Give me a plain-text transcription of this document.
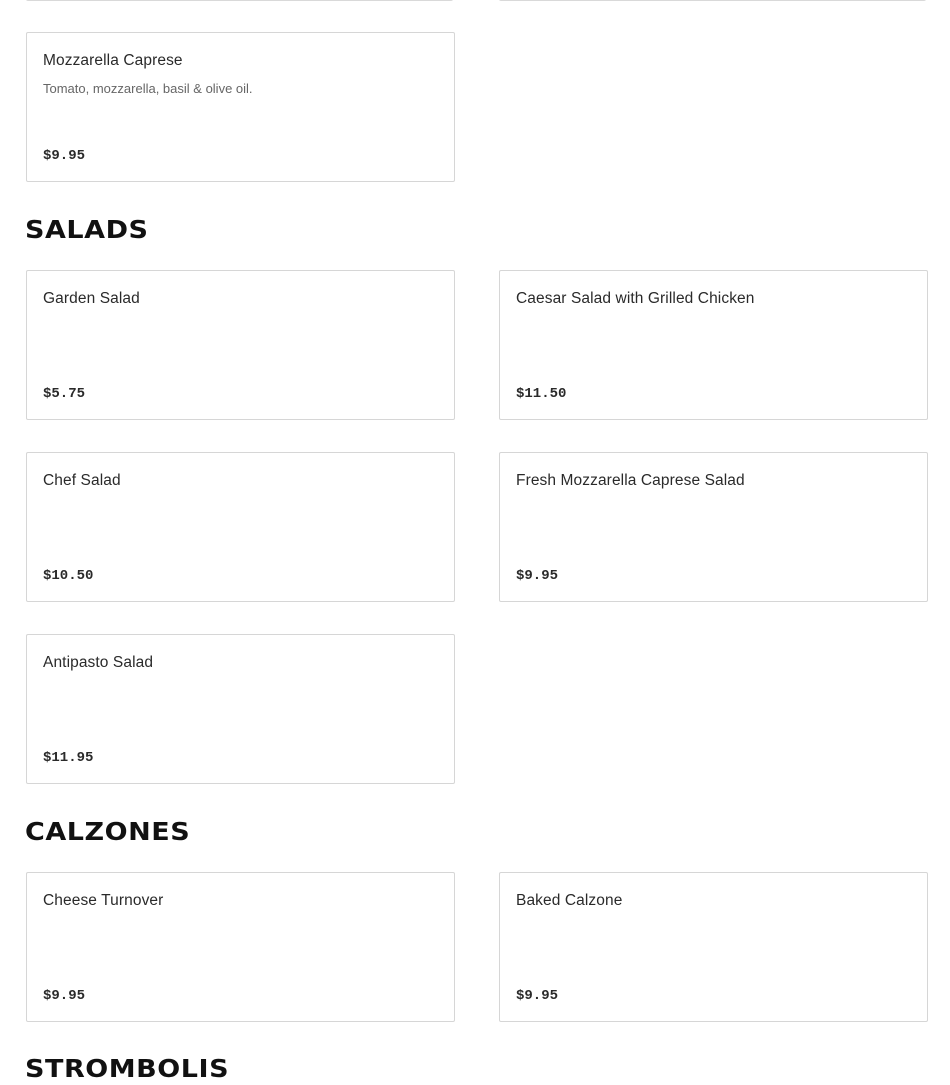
Mozzarella Caprese
Tomato, mozzarella, basil & olive oil.
$9.95
SALADS
Garden Salad
$5.75
Caesar Salad with Grilled Chicken
$11.50
Chef Salad
$10.50
Fresh Mozzarella Caprese Salad
$9.95
Antipasto Salad
$11.95
CALZONES
Cheese Turnover
$9.95
Baked Calzone
$9.95
STROMBOLIS
